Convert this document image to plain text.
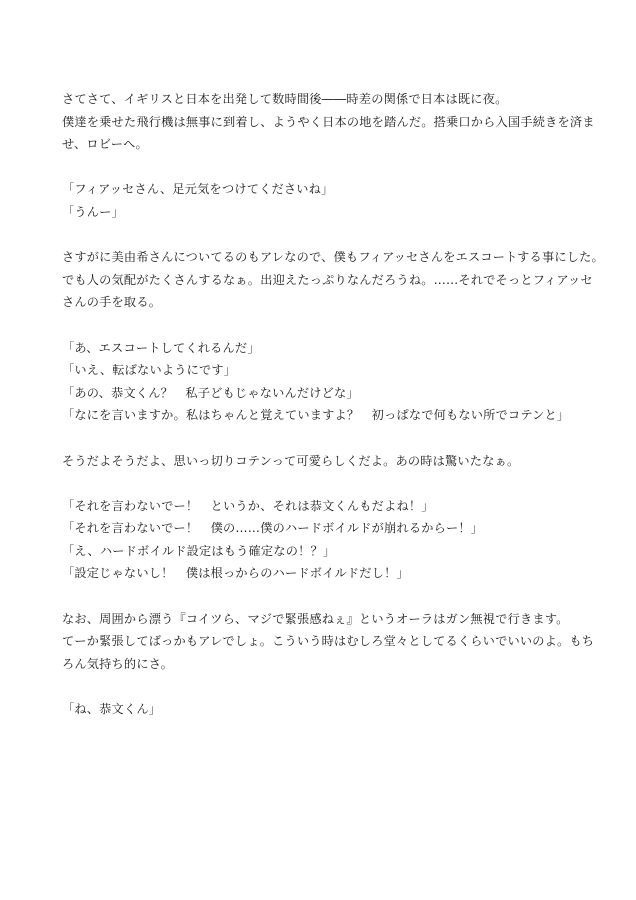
さてさて、イギリスと日本を出発して数時間後――時差の関係で日本は既に夜。

僕達を乗せた飛行機は無事に到着し、ようやく日本の地を踏んだ。搭乗口から入国手続きを済ま

せ、ロビーへ。

「フィアッセさん、足元気をつけてくださいね」

「うんー」

さすがに美由希さんについてるのもアレなので、僕もフィアッセさんをエスコートする事にした。

でも人の気配がたくさんするなぁ。出迎えたっぷりなんだろうね。……それでそっとフィアッセ

さんの手を取る。

「あ、エスコートしてくれるんだ」

「いえ、転ばないようにです」

「あの、恭文くん？　私子どもじゃないんだけどな」

「なにを言いますか。私はちゃんと覚えていますよ？　初っぱなで何もない所でコテンと」

そうだよそうだよ、思いっ切りコテンって可愛らしくだよ。あの時は驚いたなぁ。

「それを言わないでー！　というか、それは恭文くんもだよね！」

「それを言わないでー！　僕の……僕のハードボイルドが崩れるからー！」

「え、ハードボイルド設定はもう確定なの！？」

「設定じゃないし！　僕は根っからのハードボイルドだし！」

なお、周囲から漂う『コイツら、マジで緊張感ねぇ』というオーラはガン無視で行きます。

てーか緊張してばっかもアレでしょ。こういう時はむしろ堂々としてるくらいでいいのよ。もち

ろん気持ち的にさ。

「ね、恭文くん」
